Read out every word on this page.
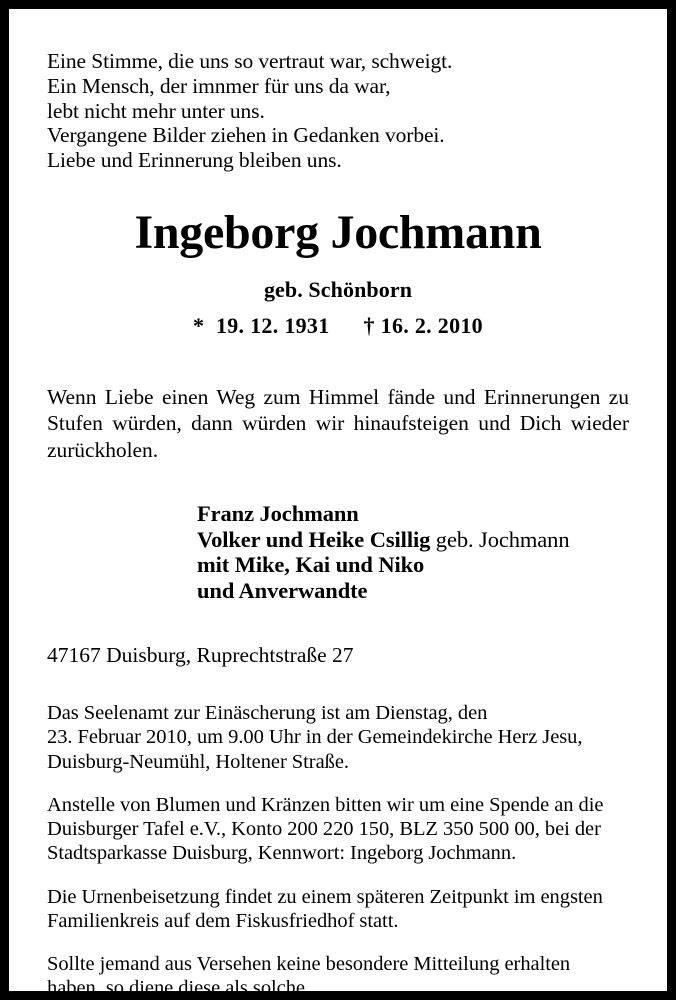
Eine Stimme, die uns so vertraut war, schweigt.
Ein Mensch, der imnmer für uns da war,
lebt nicht mehr unter uns.
Vergangene Bilder ziehen in Gedanken vorbei.
Liebe und Erinnerung bleiben uns.
Ingeborg Jochmann
geb. Schönborn
* 19. 12. 1931 † 16. 2. 2010
Wenn Liebe einen Weg zum Himmel fände und Erinnerungen zu Stufen würden, dann würden wir hinaufsteigen und Dich wieder zurückholen.
Franz Jochmann
Volker und Heike Csillig geb. Jochmann
mit Mike, Kai und Niko
und Anverwandte
47167 Duisburg, Ruprechtstraße 27
Das Seelenamt zur Einäscherung ist am Dienstag, den
23. Februar 2010, um 9.00 Uhr in der Gemeindekirche Herz Jesu,
Duisburg-Neumühl, Holtener Straße.
Anstelle von Blumen und Kränzen bitten wir um eine Spende an die
Duisburger Tafel e.V., Konto 200 220 150, BLZ 350 500 00, bei der
Stadtsparkasse Duisburg, Kennwort: Ingeborg Jochmann.
Die Urnenbeisetzung findet zu einem späteren Zeitpunkt im engsten
Familienkreis auf dem Fiskusfriedhof statt.
Sollte jemand aus Versehen keine besondere Mitteilung erhalten
haben, so diene diese als solche.
